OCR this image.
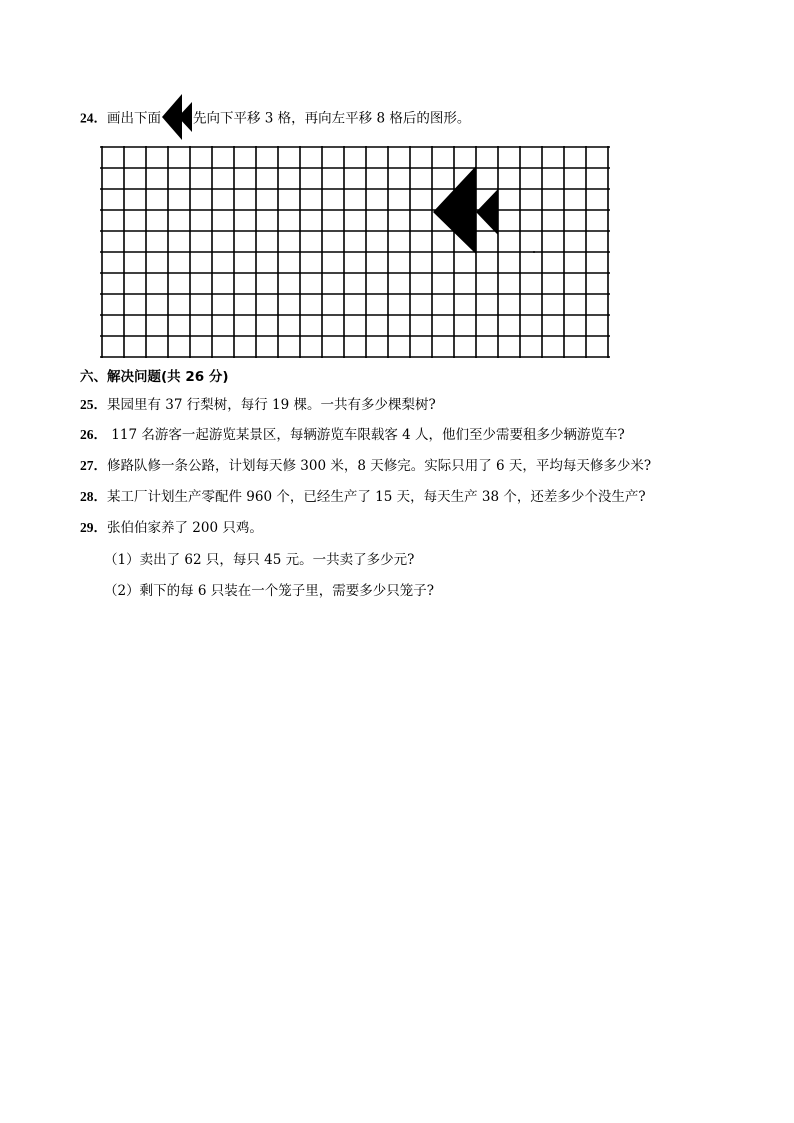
24．画出下面 先向下平移 3 格，再向左平移 8 格后的图形。
六、解决问题(共 26 分)
25．果园里有 37 行梨树，每行 19 棵。一共有多少棵梨树?
26． 117 名游客一起游览某景区，每辆游览车限载客 4 人，他们至少需要租多少辆游览车?
27．修路队修一条公路，计划每天修 300 米，8 天修完。实际只用了 6 天，平均每天修多少米?
28．某工厂计划生产零配件 960 个，已经生产了 15 天，每天生产 38 个，还差多少个没生产?
29．张伯伯家养了 200 只鸡。
（1）卖出了 62 只，每只 45 元。一共卖了多少元?
（2）剩下的每 6 只装在一个笼子里，需要多少只笼子?
